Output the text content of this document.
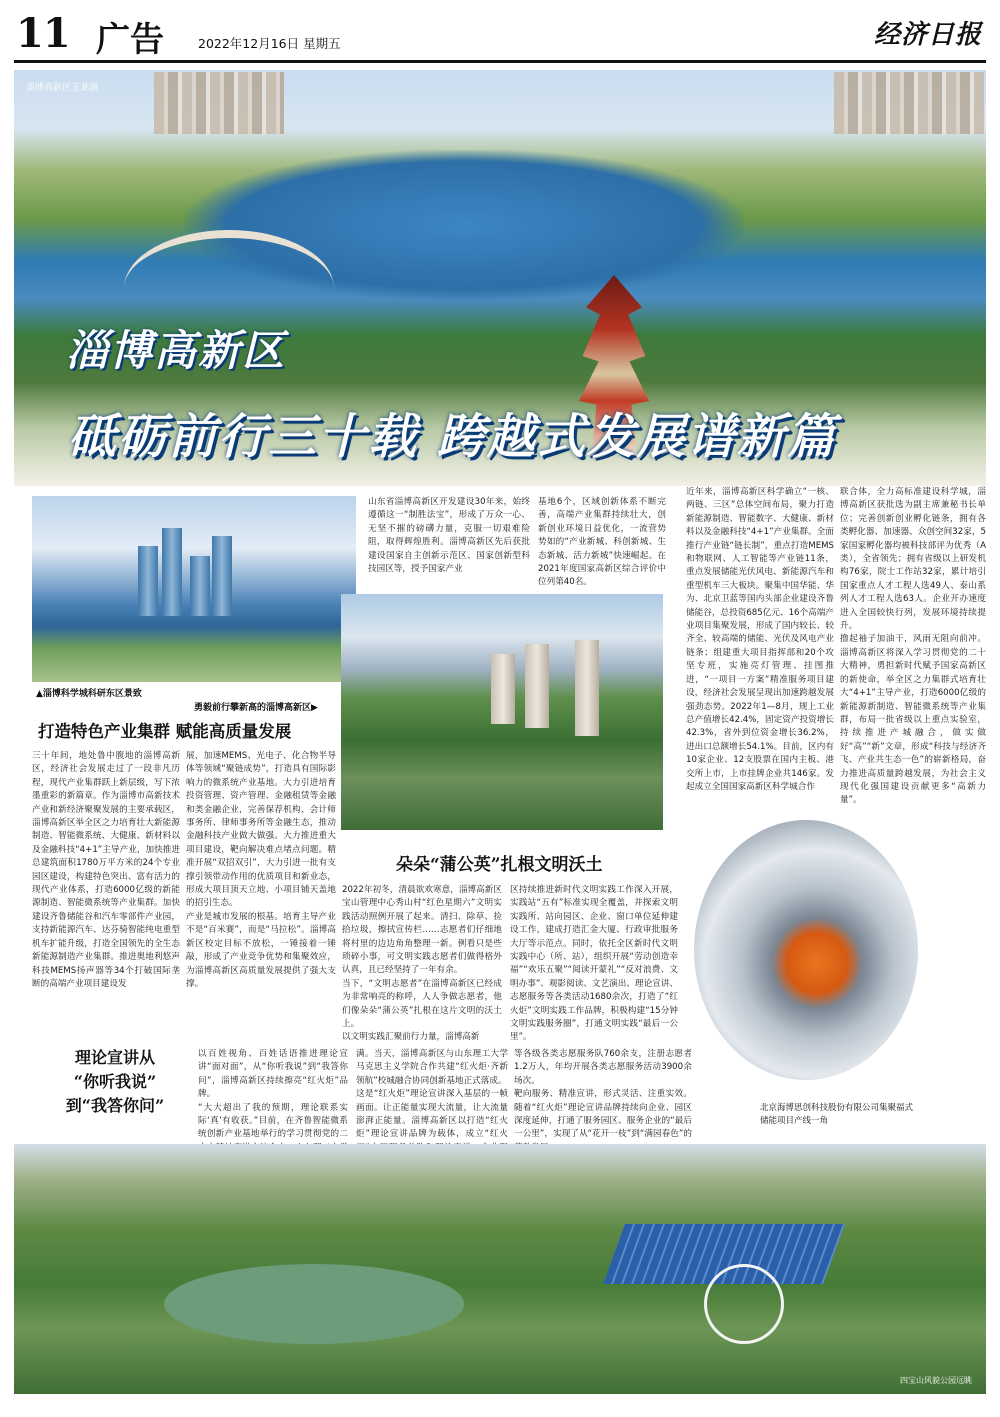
11 广告	2022年12月16日 星期五	经济日报
淄博高新区玉龙湖
淄博高新区
砥砺前行三十载 跨越式发展谱新篇
▲淄博科学城科研东区景致
勇毅前行攀新高的淄博高新区▶
北京海博思创科技股份有限公司集聚福式储能项目产线一角
山东省淄博高新区开发建设30年来，始终遵循这一“制胜法宝”，形成了万众一心、无坚不摧的磅礴力量，克服一切艰难险阻，取得辉煌胜利。淄博高新区先后获批建设国家自主创新示范区、国家创新型科技园区等，授予国家产业
基地6个，区域创新体系不断完善，高端产业集群持续壮大，创新创业环境日益优化，一流营势势如的“产业新城、科创新城、生态新城、活力新城”快速崛起。在2021年度国家高新区综合评价中位列第40名。
近年来，淄博高新区科学确立“一核、两链、三区”总体空间布局，聚力打造新能源制造、智能数字、大健康、新材料以及金融科技“4+1”产业集群。全面推行产业链“链长制”，重点打造MEMS和物联网、人工智能等产业链11条，重点发展储能光伏风电、新能源汽车和重型机车三大板块。聚集中国华能、华为、北京卫蓝等国内头部企业建设齐鲁储能谷，总投资685亿元、16个高端产业项目集聚发展，形成了国内较长、较齐全、较高端的储能、光伏及风电产业链条；组建重大项目指挥部和20个攻坚专班，实施亮灯管理、挂图推进，“一项目一方案”精准服务项目建设，经济社会发展呈现出加速跨越发展强劲态势。2022年1—8月，规上工业总产值增长42.4%，固定资产投资增长42.3%，省外到位资金增长36.2%，进出口总额增长54.1%。目前，区内有10家企业、12支股票在国内主板、港交所上市，上市挂牌企业共146家。发起成立全国国家高新区科学城合作
联合体，全力高标准建设科学城，淄博高新区获批选为副主席兼秘书长单位；完善创新创业孵化链条，拥有各类孵化器、加速器、众创空间32家，5家国家孵化器均被科技部评为优秀（A类），全省领先；拥有省级以上研发机构76家，院士工作站32家，累计培引国家重点人才工程人选49人、泰山系列人才工程人选63人。企业开办速度进入全国较快行列，发展环境持续提升。
撸起袖子加油干，风雨无阻向前冲。淄博高新区将深入学习贯彻党的二十大精神，勇担新时代赋予国家高新区的新使命，举全区之力集群式培育壮大“4+1”主导产业，打造6000亿级的新能源新制造、智能微系统等产业集群，布局一批省级以上重点实验室，持续推进产城融合，做实做好“高”“新”文章，形成“科技与经济齐飞、产业共生态一色”的崭新格局，奋力推进高质量跨越发展，为社会主义现代化强国建设贡献更多“高新力量”。
打造特色产业集群 赋能高质量发展
三十年间，地处鲁中腹地的淄博高新区，经济社会发展走过了一段非凡历程，现代产业集群跃上新层级，写下浓墨重彩的新篇章。作为淄博市高新技术产业和新经济聚聚发展的主要承载区，淄博高新区举全区之力培育壮大新能源制造、智能微系统、大健康、新材料以及金融科技“4+1”主导产业，加快推进总建筑面积1780万平方米的24个专业园区建设，构建特色突出、富有活力的现代产业体系，打造6000亿级的新能源制造、智能微系统等产业集群。加快建设齐鲁储能谷和汽车零部件产业园，支持新能源汽车、达芬骑智能纯电重型机车扩能升级，打造全国领先的全生态新能源制造产业集群。推进奥地利悠声科技MEMS扬声器等34个打破国际垄断的高端产业项目建设发
展，加速MEMS、光电子、化合物半导体等领域“聚链成势”，打造具有国际影响力的微系统产业基地。大力引进培育投资管理、资产管理、金融租赁等金融和类金融企业，完善保荐机构、会计师事务所、律师事务所等金融生态，推动金融科技产业做大做强。大力推进重大项目建设，靶向解决难点堵点问题。精准开展“双招双引”，大力引进一批有支撑引领带动作用的优质项目和新业态，形成大项目顶天立地、小项目铺天盖地的招引生态。
产业是城市发展的根基。培育主导产业不是“百米赛”，而是“马拉松”。淄博高新区校定目标不放松，一锤接着一锤敲，形成了产业竞争优势和集聚效应，为淄博高新区高质量发展提供了强大支撑。
朵朵“蒲公英”扎根文明沃土
2022年初冬，清晨欲欢寒意，淄博高新区宝山管理中心秀山村“红色星期六”文明实践活动照例开展了起来。清扫、除草、捡拾垃圾，擦拭宣传栏……志愿者们仔细地将村里的边边角角整理一新。例看只是些琐碎小事，可文明实践志愿者们做得格外认真，且已经坚持了一年有余。
当下，“文明志愿者”在淄博高新区已经成为非常响亮的称呼，人人争做志愿者，他们像朵朵“蒲公英”扎根在这片文明的沃土上。
以文明实践汇聚前行力量，淄博高新
区持续推进新时代文明实践工作深入开展，实践站“五有”标准实现全覆盖，并探索文明实践所、站向园区、企业、窗口单位延伸建设工作，建成打造汇金大厦、行政审批服务大厅等示范点。同时，依托全区新时代文明实践中心（所、站），组织开展“劳动创造幸福”“欢乐五聚”“阅读开蒙礼”“反对浪费、文明办事”、观影阅读、文艺演出、理论宣讲、志愿服务等各类活动1680余次，打造了“红火炬”文明实践工作品牌，积极构建“15分钟文明实践服务圈”，打通文明实践“最后一公里”。
理论宣讲从
“你听我说”
到“我答你问”
以百姓视角、百姓话语推进理论宣讲“面对面”，从“你听我说”到“我答你问”，淄博高新区持续擦亮“红火炬”品牌。
“大大超出了我的预期，理论联系实际‘真’有收获。”目前，在齐鲁智能微系统创新产业基地举行的学习贯彻党的二
满。当天，淄博高新区与山东理工大学马克思主义学院合作共建“红火炬·齐新领航”校城融合协同创新基地正式落成。
这是“红火炬”理论宣讲深入基层的一帧画面。让正能量实现大流量，让大流量澎湃正能量。淄博高新区以打造“红火炬”理论宣讲品牌为载体，成立“红火
等各级各类志愿服务队760余支，注册志愿者1.2万人，年均开展各类志愿服务活动3900余场次。
靶向服务、精准宣讲，形式灵活、注重实效。随着“红火炬”理论宣讲品牌持续向企业、园区深度延伸，打通了服务园区、服务企业的“最后一公里”，实现了从“花开一枝”到“满园春色”的

四宝山风貌公园远眺
